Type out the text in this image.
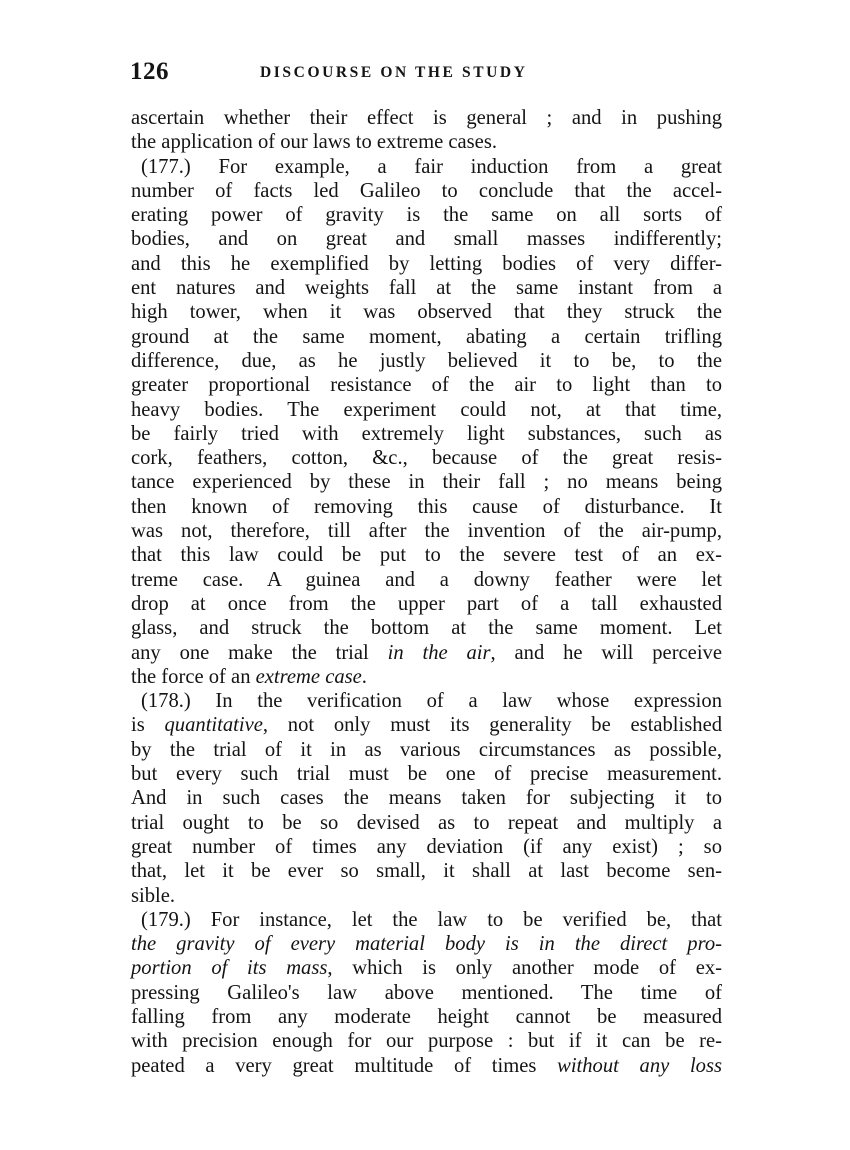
126	DISCOURSE ON THE STUDY
ascertain whether their effect is general ; and in pushing
the application of our laws to extreme cases.
(177.) For example, a fair induction from a great
number of facts led Galileo to conclude that the accel-
erating power of gravity is the same on all sorts of
bodies, and on great and small masses indifferently;
and this he exemplified by letting bodies of very differ-
ent natures and weights fall at the same instant from a
high tower, when it was observed that they struck the
ground at the same moment, abating a certain trifling
difference, due, as he justly believed it to be, to the
greater proportional resistance of the air to light than to
heavy bodies. The experiment could not, at that time,
be fairly tried with extremely light substances, such as
cork, feathers, cotton, &c., because of the great resis-
tance experienced by these in their fall ; no means being
then known of removing this cause of disturbance. It
was not, therefore, till after the invention of the air-pump,
that this law could be put to the severe test of an ex-
treme case. A guinea and a downy feather were let
drop at once from the upper part of a tall exhausted
glass, and struck the bottom at the same moment. Let
any one make the trial in the air, and he will perceive
the force of an extreme case.
(178.) In the verification of a law whose expression
is quantitative, not only must its generality be established
by the trial of it in as various circumstances as possible,
but every such trial must be one of precise measurement.
And in such cases the means taken for subjecting it to
trial ought to be so devised as to repeat and multiply a
great number of times any deviation (if any exist) ; so
that, let it be ever so small, it shall at last become sen-
sible.
(179.) For instance, let the law to be verified be, that
the gravity of every material body is in the direct pro-
portion of its mass, which is only another mode of ex-
pressing Galileo's law above mentioned. The time of
falling from any moderate height cannot be measured
with precision enough for our purpose : but if it can be re-
peated a very great multitude of times without any loss
